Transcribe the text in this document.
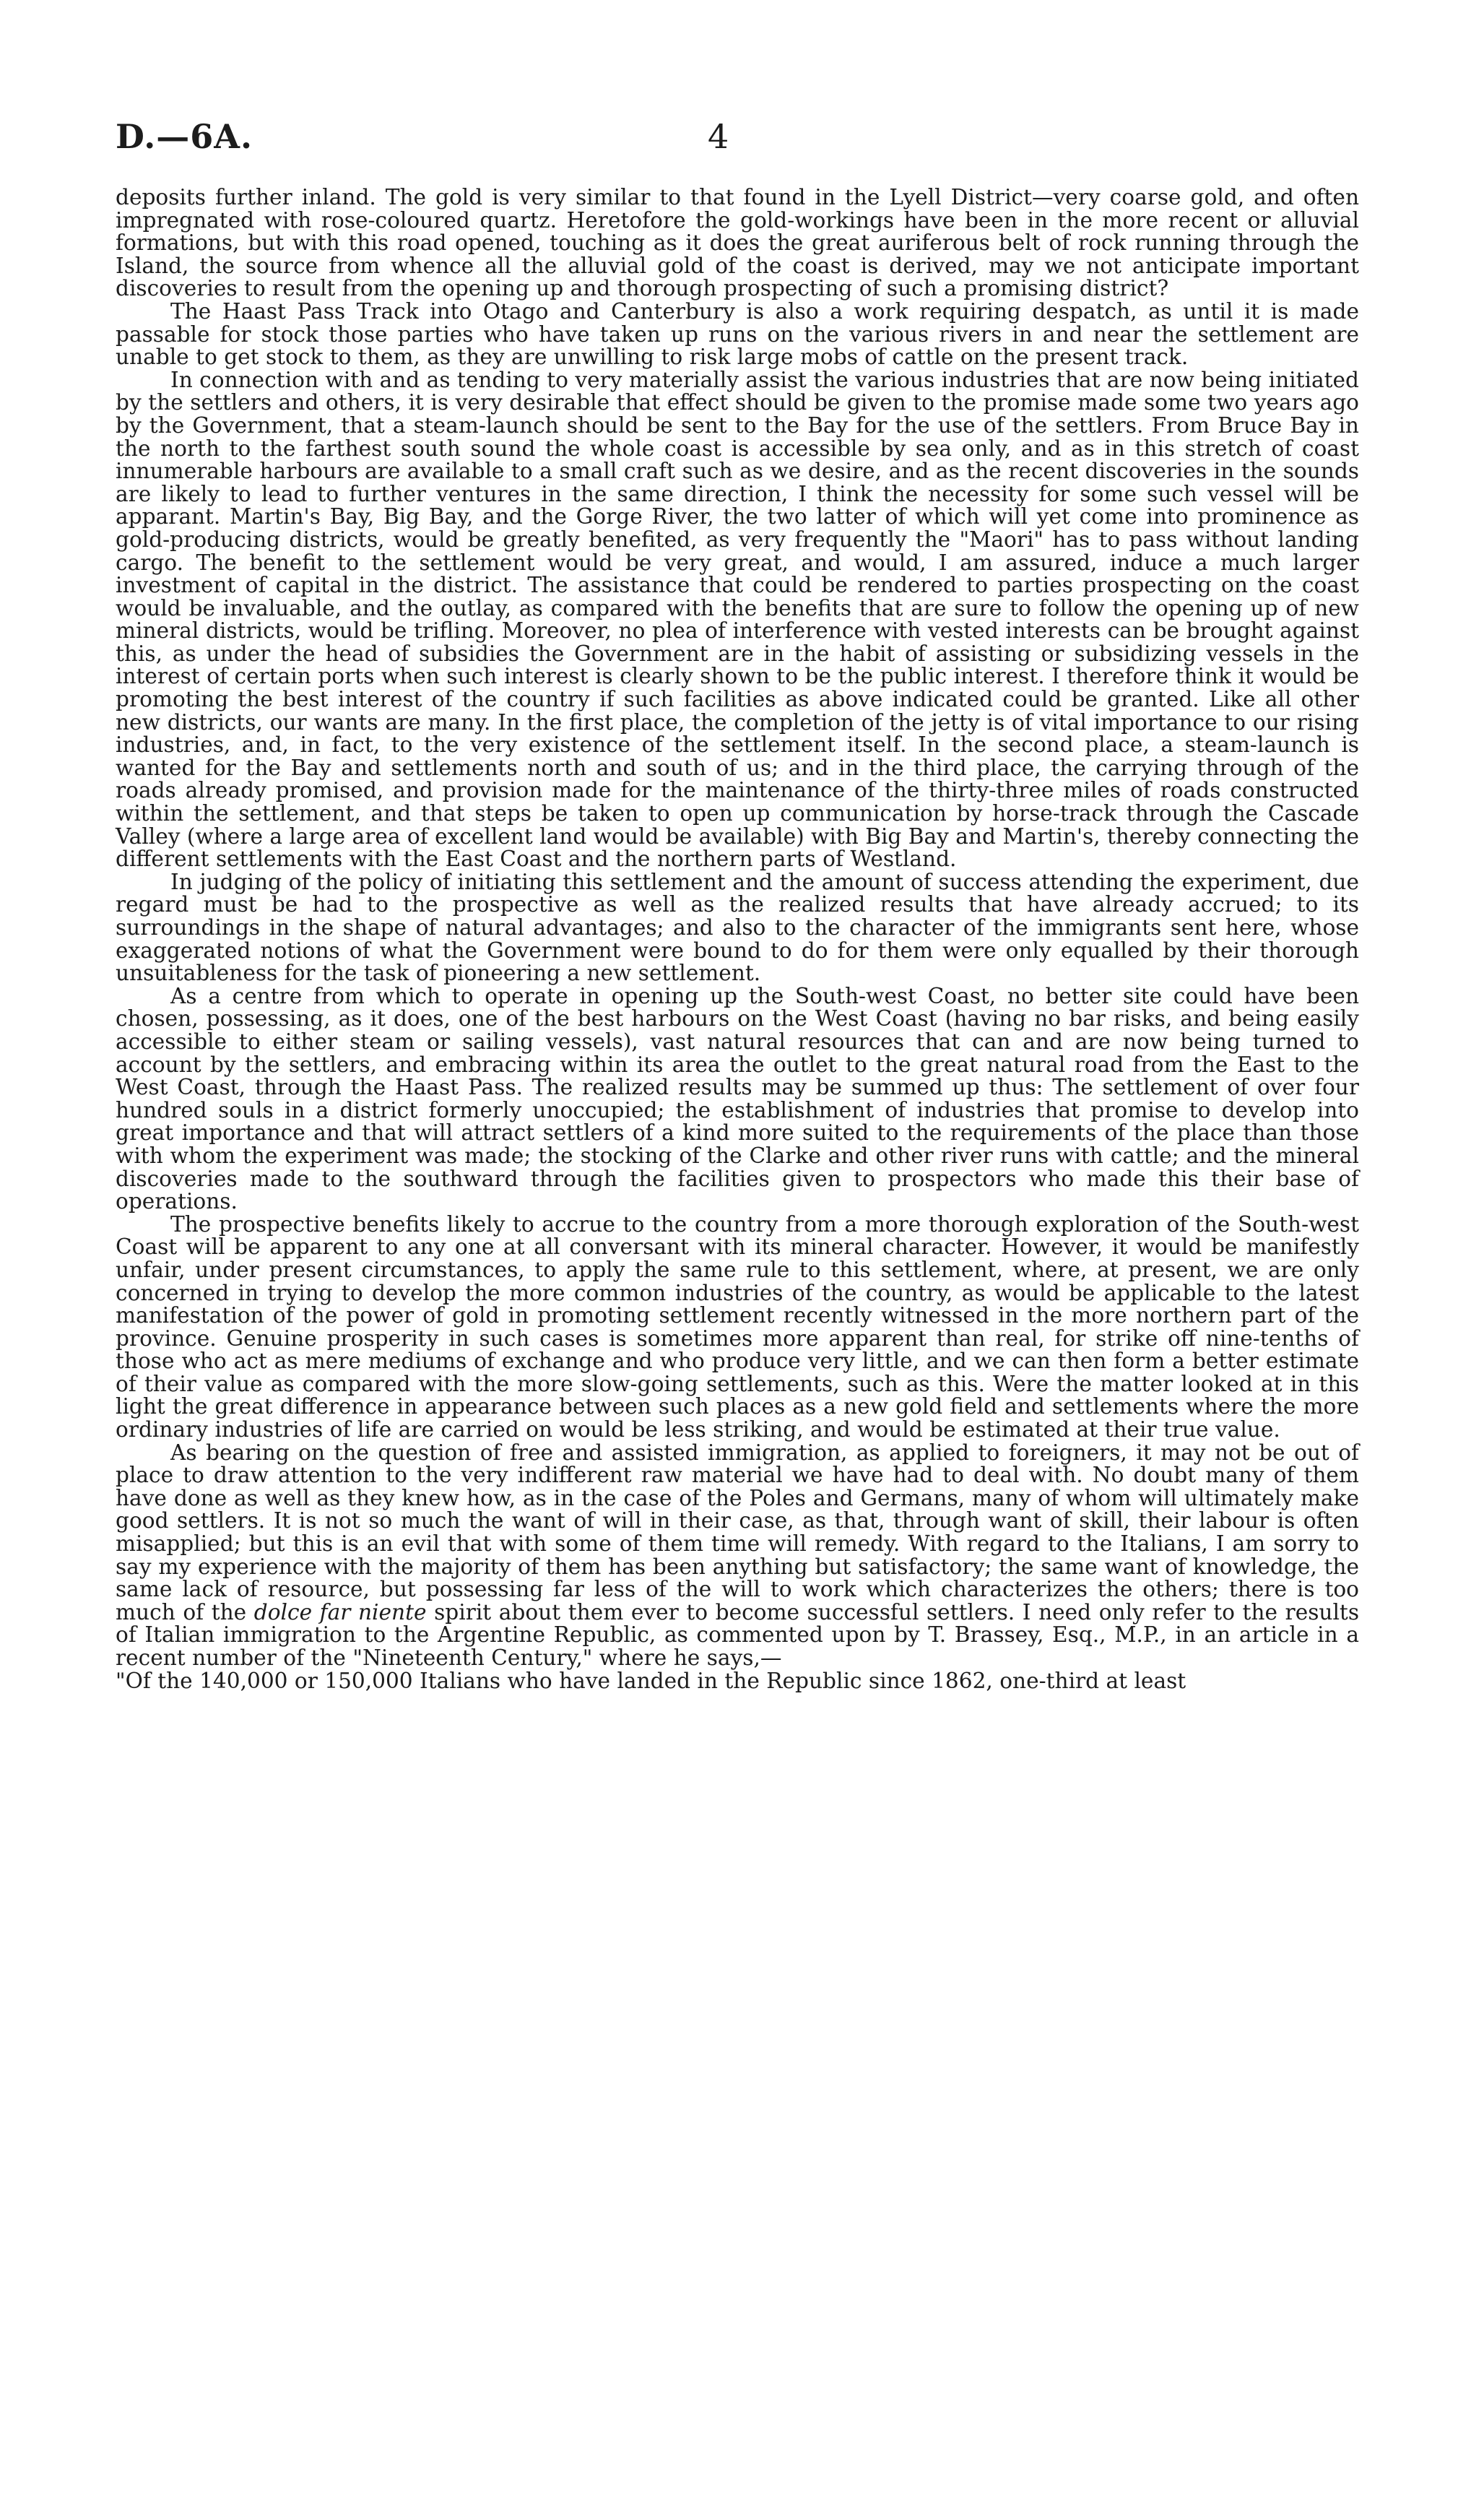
D.—6A.	4

deposits further inland. The gold is very similar to that found in the Lyell District—very coarse gold, and often impregnated with rose-coloured quartz. Heretofore the gold-workings have been in the more recent or alluvial formations, but with this road opened, touching as it does the great auriferous belt of rock running through the Island, the source from whence all the alluvial gold of the coast is derived, may we not anticipate important discoveries to result from the opening up and thorough prospecting of such a promising district?

The Haast Pass Track into Otago and Canterbury is also a work requiring despatch, as until it is made passable for stock those parties who have taken up runs on the various rivers in and near the settlement are unable to get stock to them, as they are unwilling to risk large mobs of cattle on the present track.

In connection with and as tending to very materially assist the various industries that are now being initiated by the settlers and others, it is very desirable that effect should be given to the promise made some two years ago by the Government, that a steam-launch should be sent to the Bay for the use of the settlers. From Bruce Bay in the north to the farthest south sound the whole coast is accessible by sea only, and as in this stretch of coast innumerable harbours are available to a small craft such as we desire, and as the recent discoveries in the sounds are likely to lead to further ventures in the same direction, I think the necessity for some such vessel will be apparant. Martin's Bay, Big Bay, and the Gorge River, the two latter of which will yet come into prominence as gold-producing districts, would be greatly benefited, as very frequently the "Maori" has to pass without landing cargo. The benefit to the settlement would be very great, and would, I am assured, induce a much larger investment of capital in the district. The assistance that could be rendered to parties prospecting on the coast would be invaluable, and the outlay, as compared with the benefits that are sure to follow the opening up of new mineral districts, would be trifling. Moreover, no plea of interference with vested interests can be brought against this, as under the head of subsidies the Government are in the habit of assisting or subsidizing vessels in the interest of certain ports when such interest is clearly shown to be the public interest. I therefore think it would be promoting the best interest of the country if such facilities as above indicated could be granted. Like all other new districts, our wants are many. In the first place, the completion of the jetty is of vital importance to our rising industries, and, in fact, to the very existence of the settlement itself. In the second place, a steam-launch is wanted for the Bay and settlements north and south of us; and in the third place, the carrying through of the roads already promised, and provision made for the maintenance of the thirty-three miles of roads constructed within the settlement, and that steps be taken to open up communication by horse-track through the Cascade Valley (where a large area of excellent land would be available) with Big Bay and Martin's, thereby connecting the different settlements with the East Coast and the northern parts of Westland.

In judging of the policy of initiating this settlement and the amount of success attending the experiment, due regard must be had to the prospective as well as the realized results that have already accrued; to its surroundings in the shape of natural advantages; and also to the character of the immigrants sent here, whose exaggerated notions of what the Government were bound to do for them were only equalled by their thorough unsuitableness for the task of pioneering a new settlement.

As a centre from which to operate in opening up the South-west Coast, no better site could have been chosen, possessing, as it does, one of the best harbours on the West Coast (having no bar risks, and being easily accessible to either steam or sailing vessels), vast natural resources that can and are now being turned to account by the settlers, and embracing within its area the outlet to the great natural road from the East to the West Coast, through the Haast Pass. The realized results may be summed up thus: The settlement of over four hundred souls in a district formerly unoccupied; the establishment of industries that promise to develop into great importance and that will attract settlers of a kind more suited to the requirements of the place than those with whom the experiment was made; the stocking of the Clarke and other river runs with cattle; and the mineral discoveries made to the southward through the facilities given to prospectors who made this their base of operations.

The prospective benefits likely to accrue to the country from a more thorough exploration of the South-west Coast will be apparent to any one at all conversant with its mineral character. However, it would be manifestly unfair, under present circumstances, to apply the same rule to this settlement, where, at present, we are only concerned in trying to develop the more common industries of the country, as would be applicable to the latest manifestation of the power of gold in promoting settlement recently witnessed in the more northern part of the province. Genuine prosperity in such cases is sometimes more apparent than real, for strike off nine-tenths of those who act as mere mediums of exchange and who produce very little, and we can then form a better estimate of their value as compared with the more slow-going settlements, such as this. Were the matter looked at in this light the great difference in appearance between such places as a new gold field and settlements where the more ordinary industries of life are carried on would be less striking, and would be estimated at their true value.

As bearing on the question of free and assisted immigration, as applied to foreigners, it may not be out of place to draw attention to the very indifferent raw material we have had to deal with. No doubt many of them have done as well as they knew how, as in the case of the Poles and Germans, many of whom will ultimately make good settlers. It is not so much the want of will in their case, as that, through want of skill, their labour is often misapplied; but this is an evil that with some of them time will remedy. With regard to the Italians, I am sorry to say my experience with the majority of them has been anything but satisfactory; the same want of knowledge, the same lack of resource, but possessing far less of the will to work which characterizes the others; there is too much of the dolce far niente spirit about them ever to become successful settlers. I need only refer to the results of Italian immigration to the Argentine Republic, as commented upon by T. Brassey, Esq., M.P., in an article in a recent number of the "Nineteenth Century," where he says,—

"Of the 140,000 or 150,000 Italians who have landed in the Republic since 1862, one-third at least
